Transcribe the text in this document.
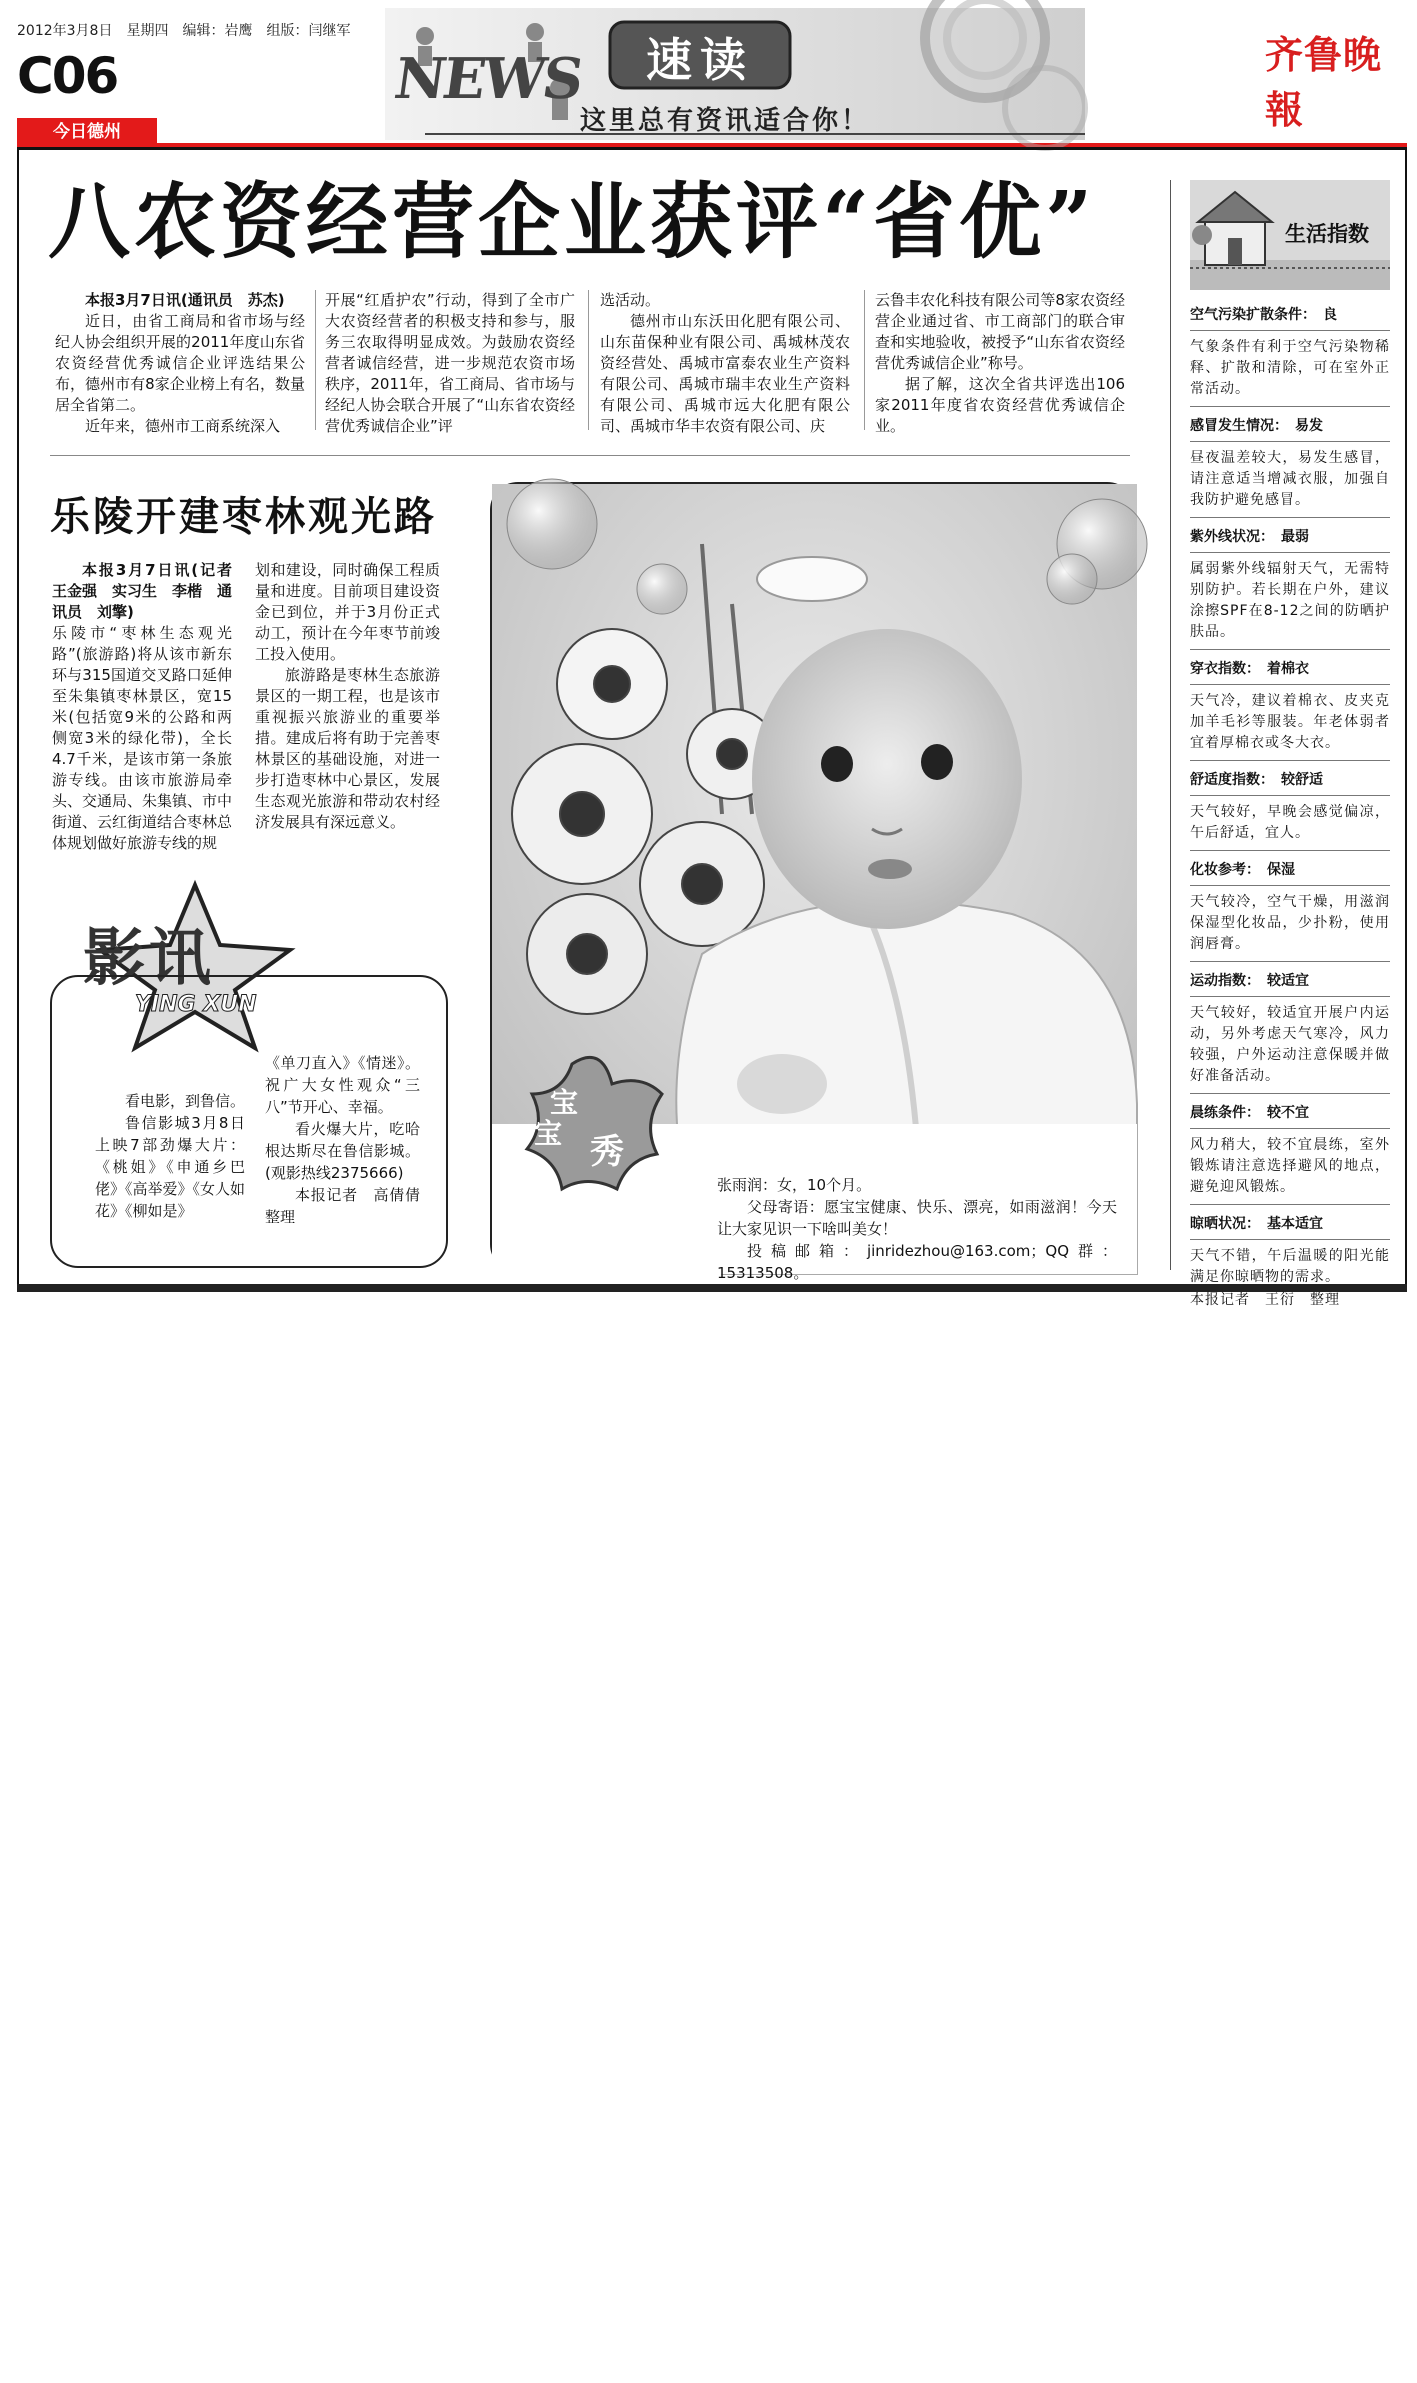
2012年3月8日　星期四　编辑：岩鹰　组版：闫继军
C06
今日德州
NEWS	速读
这里总有资讯适合你！
齐鲁晚報
八农资经营企业获评“省优”

本报3月7日讯(通讯员　苏杰)

近日，由省工商局和省市场与经纪人协会组织开展的2011年度山东省农资经营优秀诚信企业评选结果公布，德州市有8家企业榜上有名，数量居全省第二。

近年来，德州市工商系统深入

开展“红盾护农”行动，得到了全市广大农资经营者的积极支持和参与，服务三农取得明显成效。为鼓励农资经营者诚信经营，进一步规范农资市场秩序，2011年，省工商局、省市场与经纪人协会联合开展了“山东省农资经营优秀诚信企业”评

选活动。

德州市山东沃田化肥有限公司、山东苗保种业有限公司、禹城林茂农资经营处、禹城市富泰农业生产资料有限公司、禹城市瑞丰农业生产资料有限公司、禹城市远大化肥有限公司、禹城市华丰农资有限公司、庆

云鲁丰农化科技有限公司等8家农资经营企业通过省、市工商部门的联合审查和实地验收，被授予“山东省农资经营优秀诚信企业”称号。

据了解，这次全省共评选出106家2011年度省农资经营优秀诚信企业。

乐陵开建枣林观光路

本报3月7日讯(记者　王金强　实习生　李楷　通讯员　刘擎)

乐陵市“枣林生态观光路”(旅游路)将从该市新东环与315国道交叉路口延伸至朱集镇枣林景区，宽15米(包括宽9米的公路和两侧宽3米的绿化带)，全长4.7千米，是该市第一条旅游专线。由该市旅游局牵头、交通局、朱集镇、市中街道、云红街道结合枣林总体规划做好旅游专线的规

划和建设，同时确保工程质量和进度。目前项目建设资金已到位，并于3月份正式动工，预计在今年枣节前竣工投入使用。

旅游路是枣林生态旅游景区的一期工程，也是该市重视振兴旅游业的重要举措。建成后将有助于完善枣林景区的基础设施，对进一步打造枣林中心景区，发展生态观光旅游和带动农村经济发展具有深远意义。

影讯
YING XUN

看电影，到鲁信。

鲁信影城3月8日上映7部劲爆大片：《桃姐》《申通乡巴佬》《高举爱》《女人如花》《柳如是》

《单刀直入》《情迷》。祝广大女性观众“三八”节开心、幸福。

看火爆大片，吃哈根达斯尽在鲁信影城。(观影热线2375666)

本报记者　高倩倩　整理

宝
宝 秀
张雨润：女，10个月。
父母寄语：愿宝宝健康、快乐、漂亮，如雨滋润！今天让大家见识一下啥叫美女！
投稿邮箱：jinridezhou@163.com；QQ群：15313508。
生活指数
空气污染扩散条件：　良
气象条件有利于空气污染物稀释、扩散和清除，可在室外正常活动。
感冒发生情况：　易发
昼夜温差较大，易发生感冒，请注意适当增减衣服，加强自我防护避免感冒。
紫外线状况：　最弱
属弱紫外线辐射天气，无需特别防护。若长期在户外，建议涂擦SPF在8-12之间的防晒护肤品。
穿衣指数：　着棉衣
天气冷，建议着棉衣、皮夹克加羊毛衫等服装。年老体弱者宜着厚棉衣或冬大衣。
舒适度指数：　较舒适
天气较好，早晚会感觉偏凉，午后舒适，宜人。
化妆参考：　保湿
天气较冷，空气干燥，用滋润保湿型化妆品，少扑粉，使用润唇膏。
运动指数：　较适宜
天气较好，较适宜开展户内运动，另外考虑天气寒冷，风力较强，户外运动注意保暖并做好准备活动。
晨练条件：　较不宜
风力稍大，较不宜晨练，室外锻炼请注意选择避风的地点，避免迎风锻炼。
晾晒状况：　基本适宜
天气不错，午后温暖的阳光能满足你晾晒物的需求。
本报记者　王衍　整理
